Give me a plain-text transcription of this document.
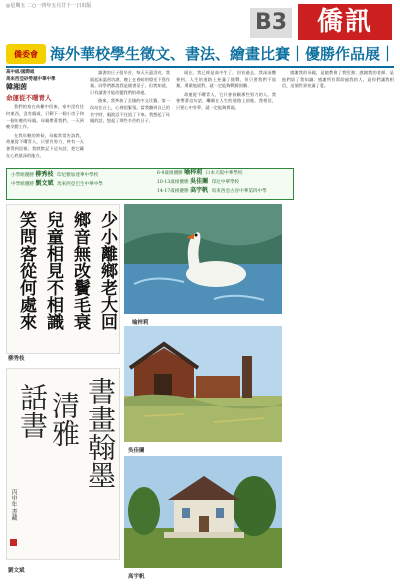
◎星期五 二○一四年五月廿十一日出版
B3	僑訊
僑委會 海外華校學生徵文、書法、繪畫比賽｜優勝作品展｜
高中組/國際組
馬來西亞砂勞越中華中學
韓湘茵
命運從不曙青人

我們的家在劫難中回來，家中沒有任何東西，沒有親戚，只剩下一個小房子和一個年輕的母親。母親帶著我們，一天到晚辛勤工作。

在我年輕的時候，母親常常告訴我，命運從不曙青人，只要肯努力，終有一天會得到回報。我默默記下這句話，把它藏在心底最深的地方。

讀書的日子很辛苦，每天天還沒亮，我就起床溫習功課，晚上在昏暗的燈光下寫作業。同學們都說我是個書呆子，但我知道，只有讀書才能改變我們的命運。

後來，我參加了全國的中文比賽，第一次站在台上，心裡很緊張。當我聽到自己的名字時，眼淚忍不住流了下來。我想起了母親的話，想起了那些辛苦的日子。

現在，我已經是高中生了。回首過去，我深深體會到，人生的道路上充滿了挑戰，但只要我們不放棄，勇敢地面對，就一定能夠戰勝困難。

命運從不曙青人，它只會眷顧那些努力的人。我會帶著這句話，繼續在人生的道路上前進。我相信，只要心中有夢，就一定能夠實現。

感謝我的母親，是她教會了我堅強；感謝我的老師，是他們給了我知識；感謝所有幫助過我的人，是你們讓我相信，這個世界充滿了愛。

小學組優勝 柳秀枝 印尼雅加達華中學校
中學組優勝 劉文斌 馬來西亞巴生中華中學
6-9歲組優勝 喻梓莉 日本大阪中華學校
10-13歲組優勝 吳佳闌 印尼中華學校
14-17歲組優勝 高宇帆 馬來西亞古晉中華第四中學
少小離鄉老大回
鄉音無改鬢毛衰
兒童相見不相識
笑問客從何處來
柳秀枝
書畫翰墨
清雅
話書
丙申年 書藏
劉文斌
喻梓莉
吳佳闌
高宇帆
